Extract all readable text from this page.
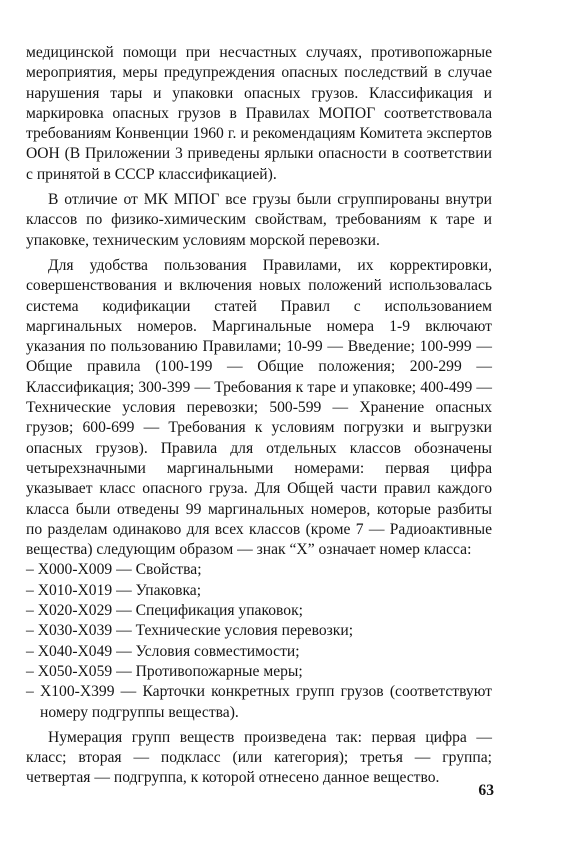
медицинской помощи при несчастных случаях, противопожарные мероприятия, меры предупреждения опасных последствий в случае нарушения тары и упаковки опасных грузов. Классификация и маркировка опасных грузов в Правилах МОПОГ соответствовала требованиям Конвенции 1960 г. и рекомендациям Комитета экспертов ООН (В Приложении 3 приведены ярлыки опасности в соответствии с принятой в СССР классификацией).

В отличие от МК МПОГ все грузы были сгруппированы внутри классов по физико-химическим свойствам, требованиям к таре и упаковке, техническим условиям морской перевозки.

Для удобства пользования Правилами, их корректировки, совершенствования и включения новых положений использовалась система кодификации статей Правил с использованием маргинальных номеров. Маргинальные номера 1-9 включают указания по пользованию Правилами; 10-99 — Введение; 100-999 — Общие правила (100-199 — Общие положения; 200-299 — Классификация; 300-399 — Требования к таре и упаковке; 400-499 — Технические условия перевозки; 500-599 — Хранение опасных грузов; 600-699 — Требования к условиям погрузки и выгрузки опасных грузов). Правила для отдельных классов обозначены четырехзначными маргинальными номерами: первая цифра указывает класс опасного груза. Для Общей части правил каждого класса были отведены 99 маргинальных номеров, которые разбиты по разделам одинаково для всех классов (кроме 7 — Радиоактивные вещества) следующим образом — знак “X” означает номер класса:

– X000-X009 — Свойства;
– X010-X019 — Упаковка;
– X020-X029 — Спецификация упаковок;
– X030-X039 — Технические условия перевозки;
– X040-X049 — Условия совместимости;
– X050-X059 — Противопожарные меры;
– X100-X399 — Карточки конкретных групп грузов (соответствуют номеру подгруппы вещества).

Нумерация групп веществ произведена так: первая цифра — класс; вторая — подкласс (или категория); третья — группа; четвертая — подгруппа, к которой отнесено данное вещество.

63
